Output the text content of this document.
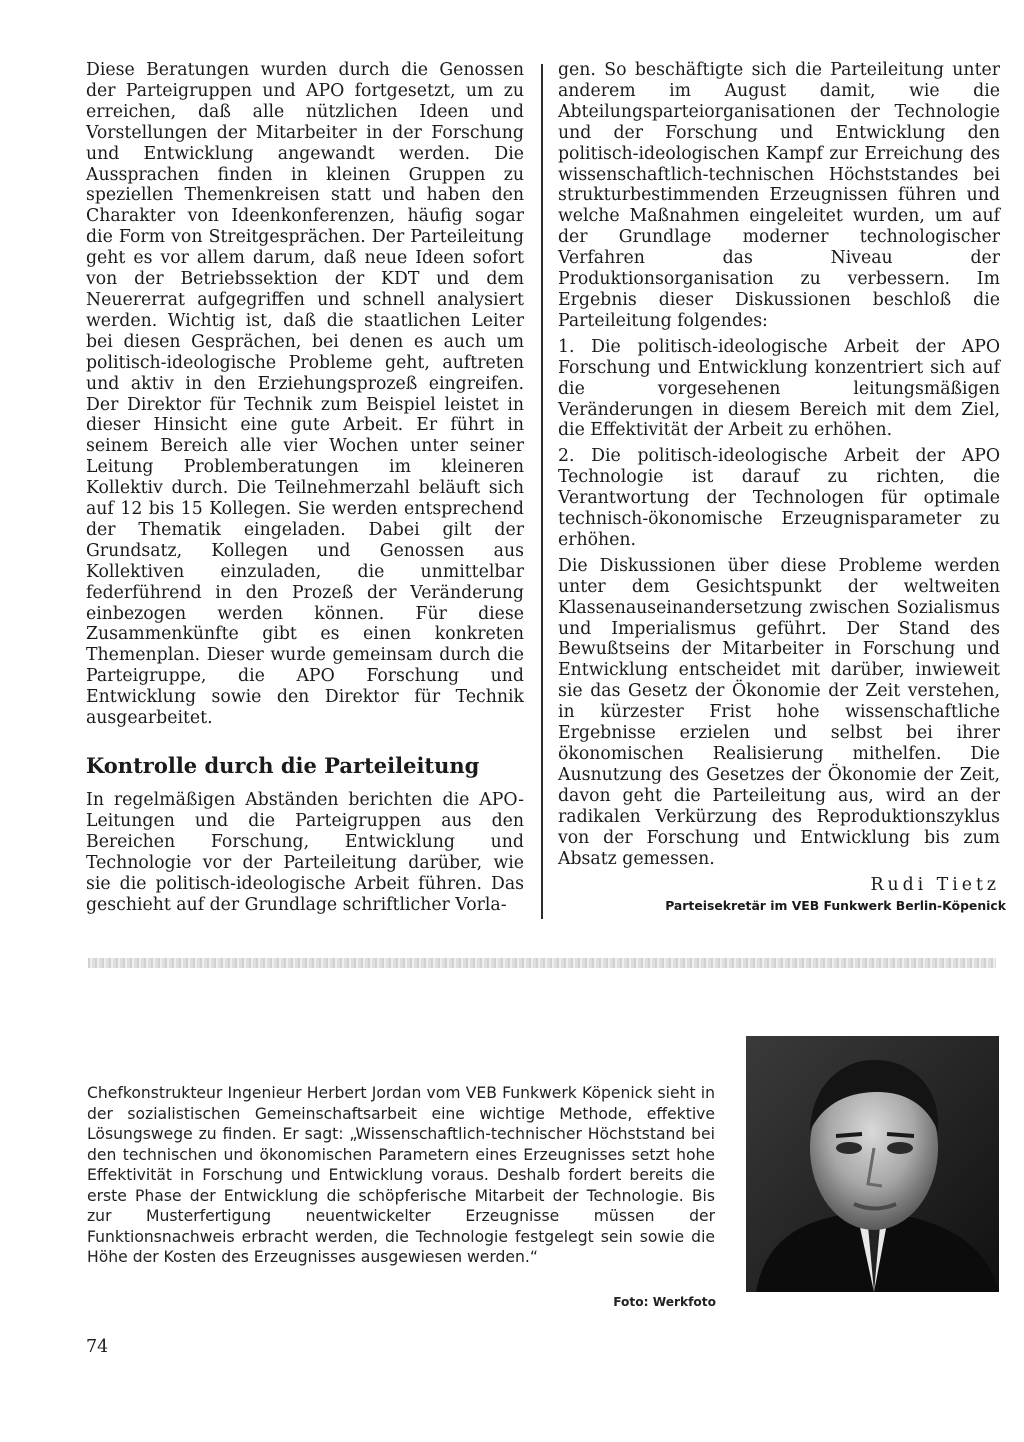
Diese Beratungen wurden durch die Genossen der Parteigruppen und APO fortgesetzt, um zu erreichen, daß alle nützlichen Ideen und Vorstellungen der Mitarbeiter in der Forschung und Entwicklung angewandt werden. Die Aussprachen finden in kleinen Gruppen zu speziellen Themenkreisen statt und haben den Charakter von Ideenkonferenzen, häufig sogar die Form von Streitgesprächen. Der Parteileitung geht es vor allem darum, daß neue Ideen sofort von der Betriebssektion der KDT und dem Neuererrat aufgegriffen und schnell analysiert werden. Wichtig ist, daß die staatlichen Leiter bei diesen Gesprächen, bei denen es auch um politisch-ideologische Probleme geht, auftreten und aktiv in den Erziehungsprozeß eingreifen. Der Direktor für Technik zum Beispiel leistet in dieser Hinsicht eine gute Arbeit. Er führt in seinem Bereich alle vier Wochen unter seiner Leitung Problemberatungen im kleineren Kollektiv durch. Die Teilnehmerzahl beläuft sich auf 12 bis 15 Kollegen. Sie werden entsprechend der Thematik eingeladen. Dabei gilt der Grundsatz, Kollegen und Genossen aus Kollektiven einzuladen, die unmittelbar federführend in den Prozeß der Veränderung einbezogen werden können. Für diese Zusammenkünfte gibt es einen konkreten Themenplan. Dieser wurde gemeinsam durch die Parteigruppe, die APO Forschung und Entwicklung sowie den Direktor für Technik ausgearbeitet.

Kontrolle durch die Parteileitung

In regelmäßigen Abständen berichten die APO-Leitungen und die Parteigruppen aus den Bereichen Forschung, Entwicklung und Technologie vor der Parteileitung darüber, wie sie die politisch-ideologische Arbeit führen. Das geschieht auf der Grundlage schriftlicher Vorla-

gen. So beschäftigte sich die Parteileitung unter anderem im August damit, wie die Abteilungsparteiorganisationen der Technologie und der Forschung und Entwicklung den politisch-ideologischen Kampf zur Erreichung des wissenschaftlich-technischen Höchststandes bei strukturbestimmenden Erzeugnissen führen und welche Maßnahmen eingeleitet wurden, um auf der Grundlage moderner technologischer Verfahren das Niveau der Produktionsorganisation zu verbessern. Im Ergebnis dieser Diskussionen beschloß die Parteileitung folgendes:

1. Die politisch-ideologische Arbeit der APO Forschung und Entwicklung konzentriert sich auf die vorgesehenen leitungsmäßigen Veränderungen in diesem Bereich mit dem Ziel, die Effektivität der Arbeit zu erhöhen.

2. Die politisch-ideologische Arbeit der APO Technologie ist darauf zu richten, die Verantwortung der Technologen für optimale technisch-ökonomische Erzeugnisparameter zu erhöhen.

Die Diskussionen über diese Probleme werden unter dem Gesichtspunkt der weltweiten Klassenauseinandersetzung zwischen Sozialismus und Imperialismus geführt. Der Stand des Bewußtseins der Mitarbeiter in Forschung und Entwicklung entscheidet mit darüber, inwieweit sie das Gesetz der Ökonomie der Zeit verstehen, in kürzester Frist hohe wissenschaftliche Ergebnisse erzielen und selbst bei ihrer ökonomischen Realisierung mithelfen. Die Ausnutzung des Gesetzes der Ökonomie der Zeit, davon geht die Parteileitung aus, wird an der radikalen Verkürzung des Reproduktionszyklus von der Forschung und Entwicklung bis zum Absatz gemessen.

Rudi Tietz
Parteisekretär im VEB Funkwerk Berlin-Köpenick

Chefkonstrukteur Ingenieur Herbert Jordan vom VEB Funkwerk Köpenick sieht in der sozialistischen Gemeinschaftsarbeit eine wichtige Methode, effektive Lösungswege zu finden. Er sagt: „Wissenschaftlich-technischer Höchststand bei den technischen und ökonomischen Parametern eines Erzeugnisses setzt hohe Effektivität in Forschung und Entwicklung voraus. Deshalb fordert bereits die erste Phase der Entwicklung die schöpferische Mitarbeit der Technologie. Bis zur Musterfertigung neuentwickelter Erzeugnisse müssen der Funktionsnachweis erbracht werden, die Technologie festgelegt sein sowie die Höhe der Kosten des Erzeugnisses ausgewiesen werden.“

Foto: Werkfoto
74
